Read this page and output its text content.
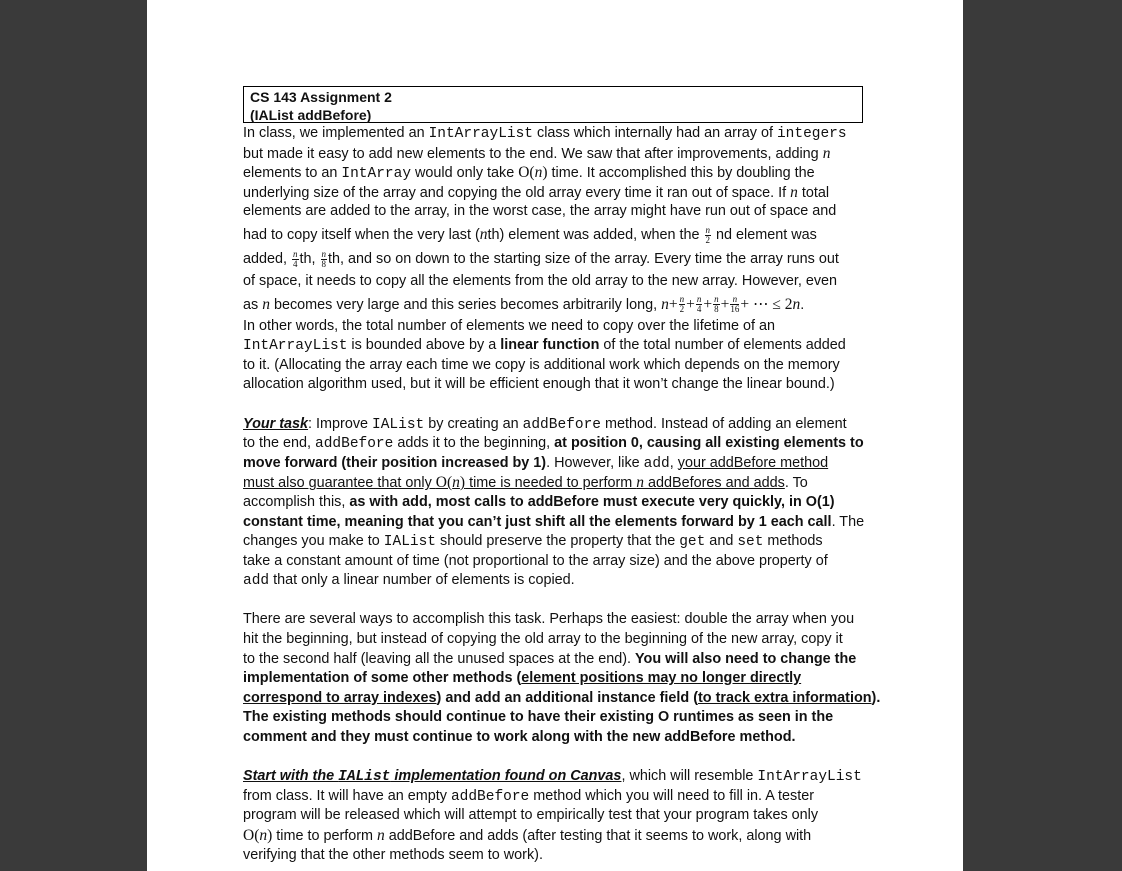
CS 143 Assignment 2
(IAList addBefore)
In class, we implemented an IntArrayList class which internally had an array of integers
but made it easy to add new elements to the end. We saw that after improvements, adding n
elements to an IntArray would only take O(n) time. It accomplished this by doubling the
underlying size of the array and copying the old array every time it ran out of space. If n total
elements are added to the array, in the worst case, the array might have run out of space and
had to copy itself when the very last (nth) element was added, when the $\frac{n}{2}$ nd element was
added, $\frac{n}{4}$ th, $\frac{n}{8}$ th, and so on down to the starting size of the array. Every time the array runs out
of space, it needs to copy all the elements from the old array to the new array. However, even
as n becomes very large and this series becomes arbitrarily long, $n+ \frac{n}{2} + \frac{n}{4} + \frac{n}{8} + \frac{n}{16}$ + ⋯ ≤ 2n.
In other words, the total number of elements we need to copy over the lifetime of an
IntArrayList is bounded above by a linear function of the total number of elements added
to it. (Allocating the array each time we copy is additional work which depends on the memory
allocation algorithm used, but it will be efficient enough that it won’t change the linear bound.)
Your task: Improve IAList by creating an addBefore method. Instead of adding an element
to the end, addBefore adds it to the beginning, at position 0, causing all existing elements to
move forward (their position increased by 1). However, like add, your addBefore method
must also guarantee that only O(n) time is needed to perform n addBefores and adds. To
accomplish this, as with add, most calls to addBefore must execute very quickly, in O(1)
constant time, meaning that you can’t just shift all the elements forward by 1 each call. The
changes you make to IAList should preserve the property that the get and set methods
take a constant amount of time (not proportional to the array size) and the above property of
add that only a linear number of elements is copied.
There are several ways to accomplish this task. Perhaps the easiest: double the array when you
hit the beginning, but instead of copying the old array to the beginning of the new array, copy it
to the second half (leaving all the unused spaces at the end). You will also need to change the
implementation of some other methods (element positions may no longer directly
correspond to array indexes) and add an additional instance field (to track extra information).
The existing methods should continue to have their existing O runtimes as seen in the
comment and they must continue to work along with the new addBefore method.
Start with the IAList implementation found on Canvas, which will resemble IntArrayList
from class. It will have an empty addBefore method which you will need to fill in. A tester
program will be released which will attempt to empirically test that your program takes only
O(n) time to perform n addBefore and adds (after testing that it seems to work, along with
verifying that the other methods seem to work).
